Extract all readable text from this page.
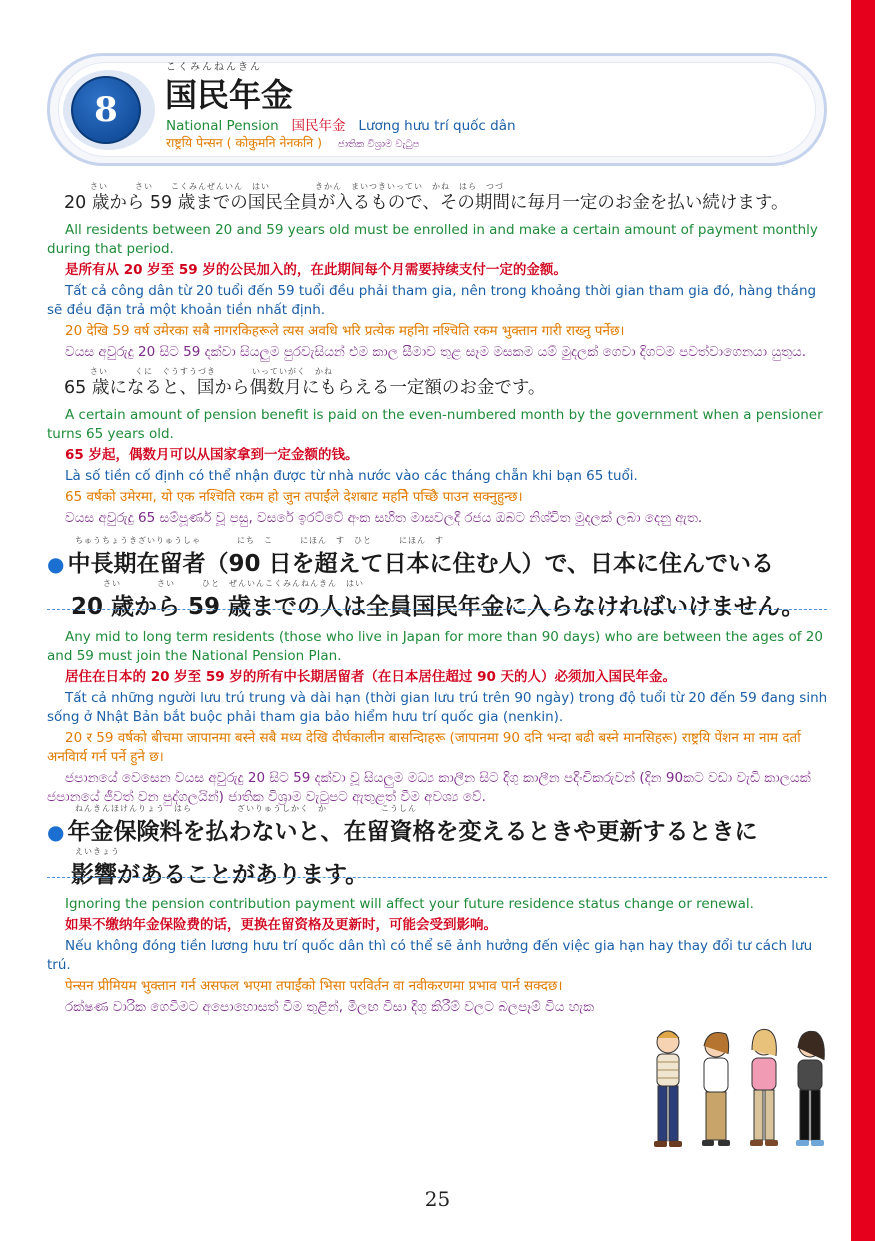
8
こくみんねんきん
国民年金
National Pension 国民年金 Lương hưu trí quốc dân
राष्ट्रयि पेन्सन ( कोकुमनि नेनकनि ) ජාතික විශ්‍රාම වැටුප
さい　　　さい　　こくみんぜんいん　はい　　　　　きかん　まいつきいってい　かね　はら　つづ
20 歳から 59 歳までの国民全員が入るもので、その期間に毎月一定のお金を払い続けます。

All residents between 20 and 59 years old must be enrolled in and make a certain amount of payment monthly during that period.

是所有从 20 岁至 59 岁的公民加入的，在此期间每个月需要持续支付一定的金额。

Tất cả công dân từ 20 tuổi đến 59 tuổi đều phải tham gia, nên trong khoảng thời gian tham gia đó, hàng tháng sẽ đều đặn trả một khoản tiền nhất định.

20 देखि 59 वर्ष उमेरका सबै नागरकिहरूले त्यस अवधि भरि प्रत्येक महनिा नश्चिति रकम भुक्तान गारी राख्नु पर्नेछ।

වයස අවුරුදු 20 සිට 59 දක්වා සියලුම පුරවැසියන් එම කාල සීමාව තුළ සෑම මසකම යම් මුදලක් ගෙවා දිගටම පවත්වාගෙනයා යුතුය.

さい　　　くに　ぐうすうづき　　　　いっていがく　かね
65 歳になると、国から偶数月にもらえる一定額のお金です。

A certain amount of pension benefit is paid on the even-numbered month by the government when a pensioner turns 65 years old.

65 岁起，偶数月可以从国家拿到一定金额的钱。

Là số tiền cố định có thể nhận được từ nhà nước vào các tháng chẵn khi bạn 65 tuổi.

65 वर्षको उमेरमा, यो एक नश्चिति रकम हो जुन तपाईंले देशबाट महनिे पच्छिे पाउन सक्नुहुन्छ।

වයස අවුරුදු 65 සම්පූර්ණ වූ පසු, වසරේ ඉරට්ටේ අංක සහිත මාසවලදී රජය ඔබට නිශ්චිත මුදලක් ලබා දෙනු ඇත.

ちゅうちょうきざいりゅうしゃ　　　　にち　こ　　　にほん　す　ひと　　　にほん　す
● 中長期在留者（90 日を超えて日本に住む人）で、日本に住んでいる
さい　　　　さい　　　ひと　ぜんいんこくみんねんきん　はい
20 歳から 59 歳までの人は全員国民年金に入らなければいけません。

Any mid to long term residents (those who live in Japan for more than 90 days) who are between the ages of 20 and 59 must join the National Pension Plan.

居住在日本的 20 岁至 59 岁的所有中长期居留者（在日本居住超过 90 天的人）必须加入国民年金。

Tất cả những người lưu trú trung và dài hạn (thời gian lưu trú trên 90 ngày) trong độ tuổi từ 20 đến 59 đang sinh sống ở Nhật Bản bắt buộc phải tham gia bảo hiểm hưu trí quốc gia (nenkin).

20 र 59 वर्षको बीचमा जापानमा बस्ने सबै मध्य देखि दीर्घकालीन बासन्दिाहरू (जापानमा 90 दनि भन्दा बढी बस्ने मानसिहरू) राष्ट्रयि पेंशन मा नाम दर्ता अनवािर्य गर्न पर्ने हुने छ।

ජපානයේ වෙසෙන වයස අවුරුදු 20 සිට 59 දක්වා වූ සියලුම මධ්‍ය කාලීන සිට දිගු කාලීන පදිංචිකරුවන් (දින 90කට වඩා වැඩි කාලයක් ජපානයේ ජීවත් වන පුද්ගලයින්) ජාතික විශ්‍රාම වැටුපට ඇතුළත් වීම අවශ්‍ය වේ.

ねんきんほけんりょう　はら　　　　　ざいりゅうしかく　か　　　　　　こうしん
● 年金保険料を払わないと、在留資格を変えるときや更新するときに
えいきょう
影響があることがあります。

Ignoring the pension contribution payment will affect your future residence status change or renewal.

如果不缴纳年金保险费的话，更换在留资格及更新时，可能会受到影响。

Nếu không đóng tiền lương hưu trí quốc dân thì có thể sẽ ảnh hưởng đến việc gia hạn hay thay đổi tư cách lưu trú.

पेन्सन प्रीमियम भुक्तान गर्न असफल भएमा तपाईंको भिसा परविर्तन वा नवीकरणमा प्रभाव पार्न सक्दछ।

රක්ෂණ වාරික ගෙවීමට අපොහොසත් වීම තුළින්, මීලඟ වීසා දිගු කිරීම් වලට බලපෑම් විය හැක

25
